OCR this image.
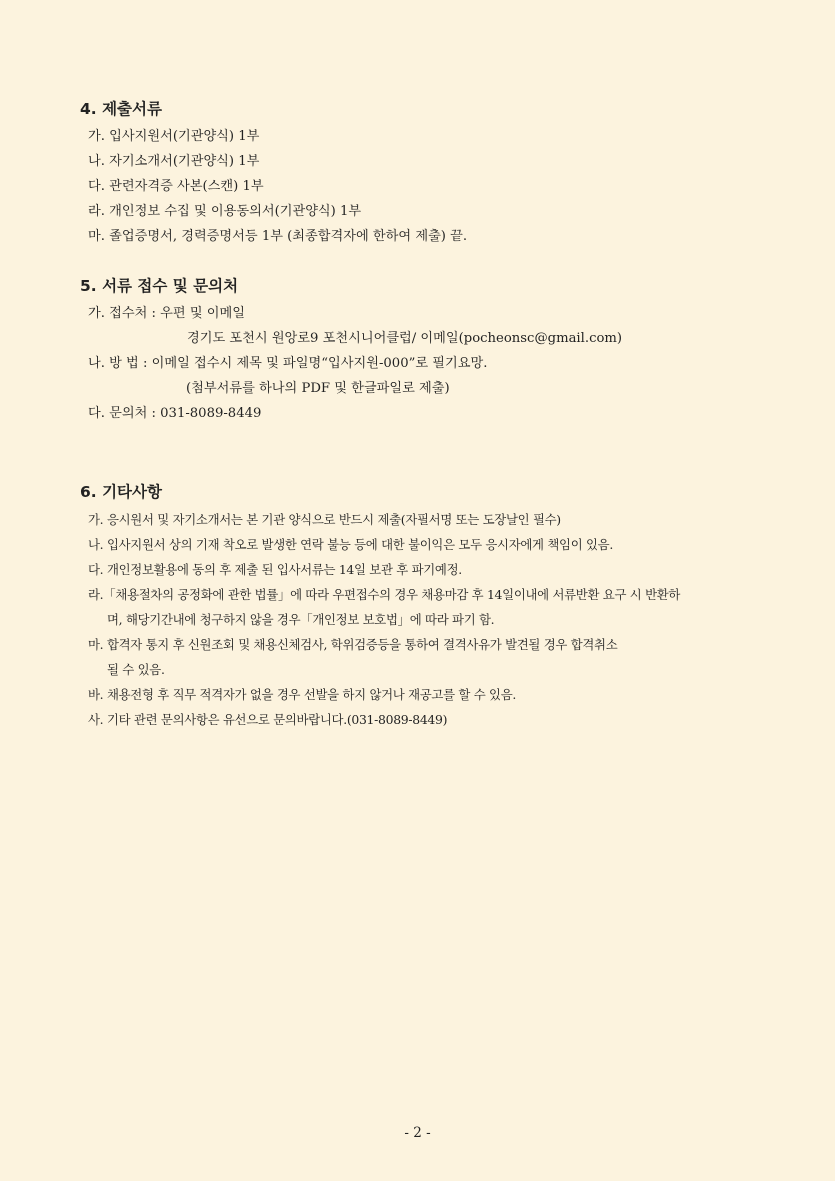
4. 제출서류
가. 입사지원서(기관양식) 1부
나. 자기소개서(기관양식) 1부
다. 관련자격증 사본(스캔) 1부
라. 개인정보 수집 및 이용동의서(기관양식) 1부
마. 졸업증명서, 경력증명서등 1부 (최종합격자에 한하여 제출) 끝.
5. 서류 접수 및 문의처
가. 접수처 : 우편 및 이메일
경기도 포천시 원앙로9 포천시니어클럽/ 이메일(pocheonsc@gmail.com)
나. 방 법 : 이메일 접수시 제목 및 파일명“입사지원-000”로 필기요망.
(첨부서류를 하나의 PDF 및 한글파일로 제출)
다. 문의처 : 031-8089-8449
6. 기타사항
가. 응시원서 및 자기소개서는 본 기관 양식으로 반드시 제출(자필서명 또는 도장날인 필수)
나. 입사지원서 상의 기재 착오로 발생한 연락 불능 등에 대한 불이익은 모두 응시자에게 책임이 있음.
다. 개인정보활용에 동의 후 제출 된 입사서류는 14일 보관 후 파기예정.
라.「채용절차의 공정화에 관한 법률」에 따라 우편접수의 경우 채용마감 후 14일이내에 서류반환 요구 시 반환하
며, 해당기간내에 청구하지 않을 경우「개인정보 보호법」에 따라 파기 함.
마. 합격자 통지 후 신원조회 및 채용신체검사, 학위검증등을 통하여 결격사유가 발견될 경우 합격취소
될 수 있음.
바. 채용전형 후 직무 적격자가 없을 경우 선발을 하지 않거나 재공고를 할 수 있음.
사. 기타 관련 문의사항은 유선으로 문의바랍니다.(031-8089-8449)
- 2 -
